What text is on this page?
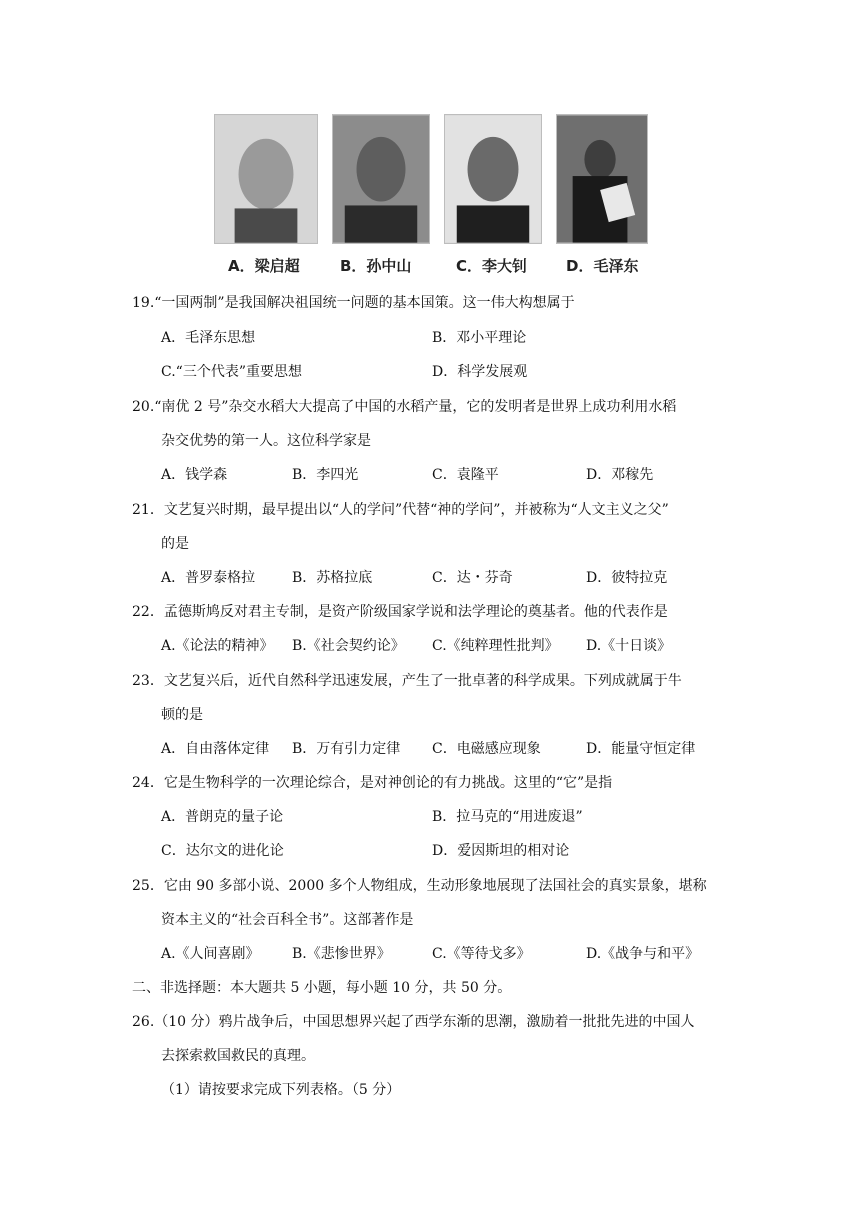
A．梁启超	B．孙中山	C．李大钊	D．毛泽东
19.“一国两制”是我国解决祖国统一问题的基本国策。这一伟大构想属于
A．毛泽东思想	B．邓小平理论
C.“三个代表”重要思想	D．科学发展观
20.“南优 2 号”杂交水稻大大提高了中国的水稻产量，它的发明者是世界上成功利用水稻
杂交优势的第一人。这位科学家是
A．钱学森	B．李四光	C．袁隆平	D．邓稼先
21．文艺复兴时期，最早提出以“人的学问”代替“神的学问”，并被称为“人文主义之父”
的是
A．普罗泰格拉	B．苏格拉底	C．达・芬奇	D．彼特拉克
22．孟德斯鸠反对君主专制，是资产阶级国家学说和法学理论的奠基者。他的代表作是
A.《论法的精神》 B.《社会契约论》 C.《纯粹理性批判》 D.《十日谈》
23．文艺复兴后，近代自然科学迅速发展，产生了一批卓著的科学成果。下列成就属于牛
顿的是
A．自由落体定律 B．万有引力定律 C．电磁感应现象	D．能量守恒定律
24．它是生物科学的一次理论综合，是对神创论的有力挑战。这里的“它”是指
A．普朗克的量子论	B．拉马克的“用进废退”
C．达尔文的进化论	D．爱因斯坦的相对论
25．它由 90 多部小说、2000 多个人物组成，生动形象地展现了法国社会的真实景象，堪称
资本主义的“社会百科全书”。这部著作是
A.《人间喜剧》 B.《悲惨世界》	C.《等待戈多》	D.《战争与和平》
二、非选择题：本大题共 5 小题，每小题 10 分，共 50 分。
26.（10 分）鸦片战争后，中国思想界兴起了西学东渐的思潮，激励着一批批先进的中国人
去探索救国救民的真理。
（1）请按要求完成下列表格。（5 分）
